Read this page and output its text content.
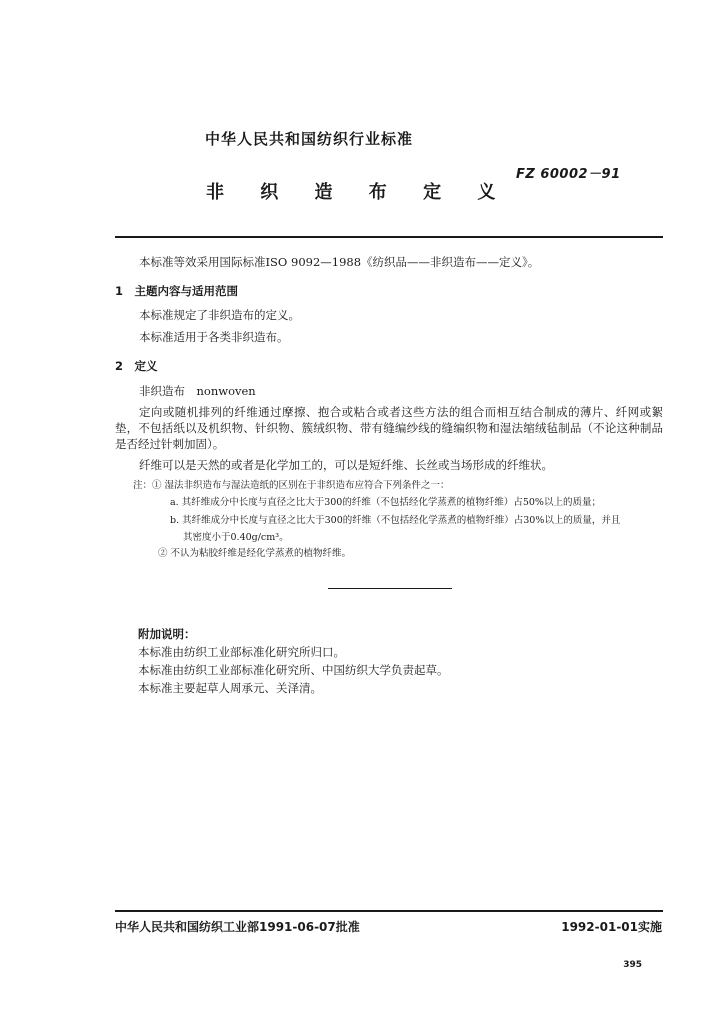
中华人民共和国纺织行业标准
FZ 60002－91
非 织 造 布 定 义
本标准等效采用国际标准ISO 9092—1988《纺织品——非织造布——定义》。
1　主题内容与适用范围
本标准规定了非织造布的定义。
本标准适用于各类非织造布。
2　定义
非织造布　nonwoven
定向或随机排列的纤维通过摩擦、抱合或粘合或者这些方法的组合而相互结合制成的薄片、纤网或絮垫，不包括纸以及机织物、针织物、簇绒织物、带有缝编纱线的缝编织物和湿法缩绒毡制品（不论这种制品是否经过针刺加固）。
纤维可以是天然的或者是化学加工的，可以是短纤维、长丝或当场形成的纤维状。
注：① 湿法非织造布与湿法造纸的区别在于非织造布应符合下列条件之一：
a. 其纤维成分中长度与直径之比大于300的纤维（不包括经化学蒸煮的植物纤维）占50%以上的质量；
b. 其纤维成分中长度与直径之比大于300的纤维（不包括经化学蒸煮的植物纤维）占30%以上的质量，并且
其密度小于0.40g/cm³。
② 不认为粘胶纤维是经化学蒸煮的植物纤维。
附加说明：
本标准由纺织工业部标准化研究所归口。
本标准由纺织工业部标准化研究所、中国纺织大学负责起草。
本标准主要起草人周承元、关泽清。
中华人民共和国纺织工业部1991-06-07批准	1992-01-01实施
395
